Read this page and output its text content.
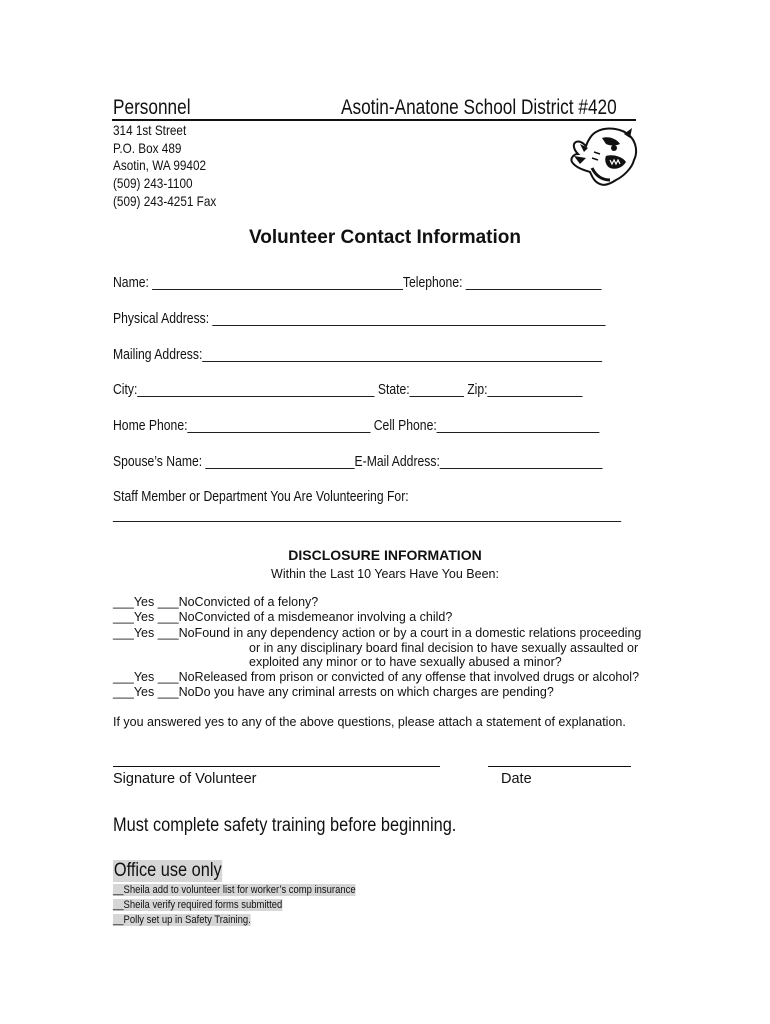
Personnel	Asotin-Anatone School District #420
314 1st Street
P.O. Box 489
Asotin, WA 99402
(509) 243-1100
(509) 243-4251 Fax
Volunteer Contact Information
Name: _____________________________________Telephone: ____________________
Physical Address: __________________________________________________________
Mailing Address:___________________________________________________________
City:___________________________________ State:________ Zip:______________
Home Phone:___________________________ Cell Phone:________________________
Spouse’s Name: ______________________E-Mail Address:________________________
Staff Member or Department You Are Volunteering For:
___________________________________________________________________________
DISCLOSURE INFORMATION
Within the Last 10 Years Have You Been:
___Yes ___NoConvicted of a felony?
___Yes ___NoConvicted of a misdemeanor involving a child?
___Yes ___NoFound in any dependency action or by a court in a domestic relations proceeding
or in any disciplinary board final decision to have sexually assaulted or
exploited any minor or to have sexually abused a minor?
___Yes ___NoReleased from prison or convicted of any offense that involved drugs or alcohol?
___Yes ___NoDo you have any criminal arrests on which charges are pending?
If you answered yes to any of the above questions, please attach a statement of explanation.
Signature of Volunteer	Date
Must complete safety training before beginning.
Office use only
__Sheila add to volunteer list for worker’s comp insurance
__Sheila verify required forms submitted
__Polly set up in Safety Training.
